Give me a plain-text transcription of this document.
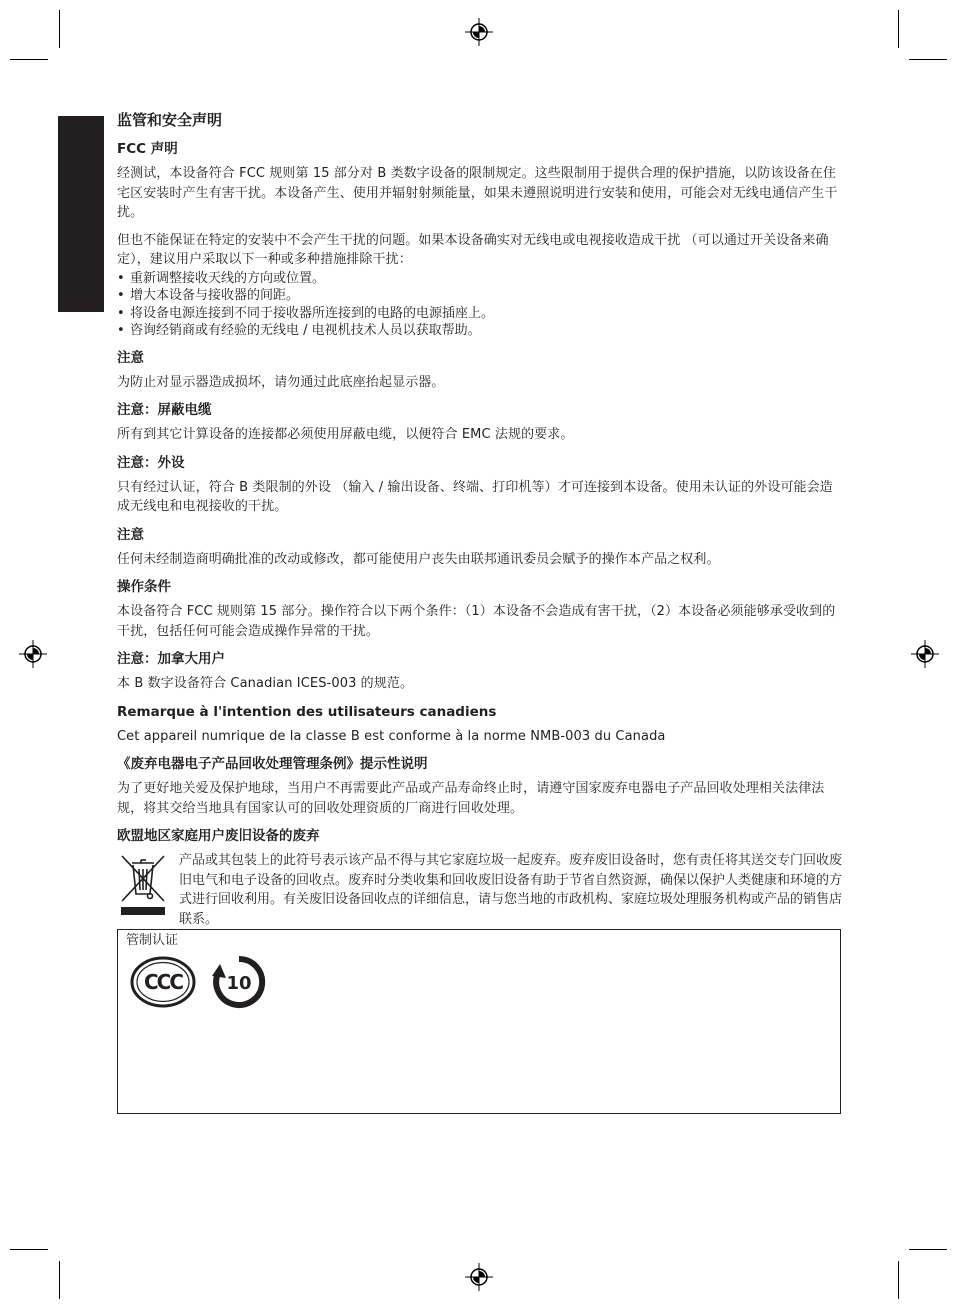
监管和安全声明
FCC 声明
经测试，本设备符合 FCC 规则第 15 部分对 B 类数字设备的限制规定。这些限制用于提供合理的保护措施，以防该设备在住宅区安装时产生有害干扰。本设备产生、使用并辐射射频能量，如果未遵照说明进行安装和使用，可能会对无线电通信产生干扰。
但也不能保证在特定的安装中不会产生干扰的问题。如果本设备确实对无线电或电视接收造成干扰 （可以通过开关设备来确定），建议用户采取以下一种或多种措施排除干扰：
• 重新调整接收天线的方向或位置。
• 增大本设备与接收器的间距。
• 将设备电源连接到不同于接收器所连接到的电路的电源插座上。
• 咨询经销商或有经验的无线电 / 电视机技术人员以获取帮助。
注意
为防止对显示器造成损坏，请勿通过此底座抬起显示器。
注意：屏蔽电缆
所有到其它计算设备的连接都必须使用屏蔽电缆，以便符合 EMC 法规的要求。
注意：外设
只有经过认证，符合 B 类限制的外设 （输入 / 输出设备、终端、打印机等）才可连接到本设备。使用未认证的外设可能会造成无线电和电视接收的干扰。
注意
任何未经制造商明确批准的改动或修改，都可能使用户丧失由联邦通讯委员会赋予的操作本产品之权利。
操作条件
本设备符合 FCC 规则第 15 部分。操作符合以下两个条件：（1）本设备不会造成有害干扰，（2）本设备必须能够承受收到的干扰，包括任何可能会造成操作异常的干扰。
注意：加拿大用户
本 B 数字设备符合 Canadian ICES-003 的规范。
Remarque à l'intention des utilisateurs canadiens
Cet appareil numrique de la classe B est conforme à la norme NMB-003 du Canada
《废弃电器电子产品回收处理管理条例》提示性说明
为了更好地关爱及保护地球，当用户不再需要此产品或产品寿命终止时，请遵守国家废弃电器电子产品回收处理相关法律法规，将其交给当地具有国家认可的回收处理资质的厂商进行回收处理。
欧盟地区家庭用户废旧设备的废弃
产品或其包装上的此符号表示该产品不得与其它家庭垃圾一起废弃。废弃废旧设备时，您有责任将其送交专门回收废旧电气和电子设备的回收点。废弃时分类收集和回收废旧设备有助于节省自然资源，确保以保护人类健康和环境的方式进行回收利用。有关废旧设备回收点的详细信息，请与您当地的市政机构、家庭垃圾处理服务机构或产品的销售店联系。
管制认证
CCC 10
